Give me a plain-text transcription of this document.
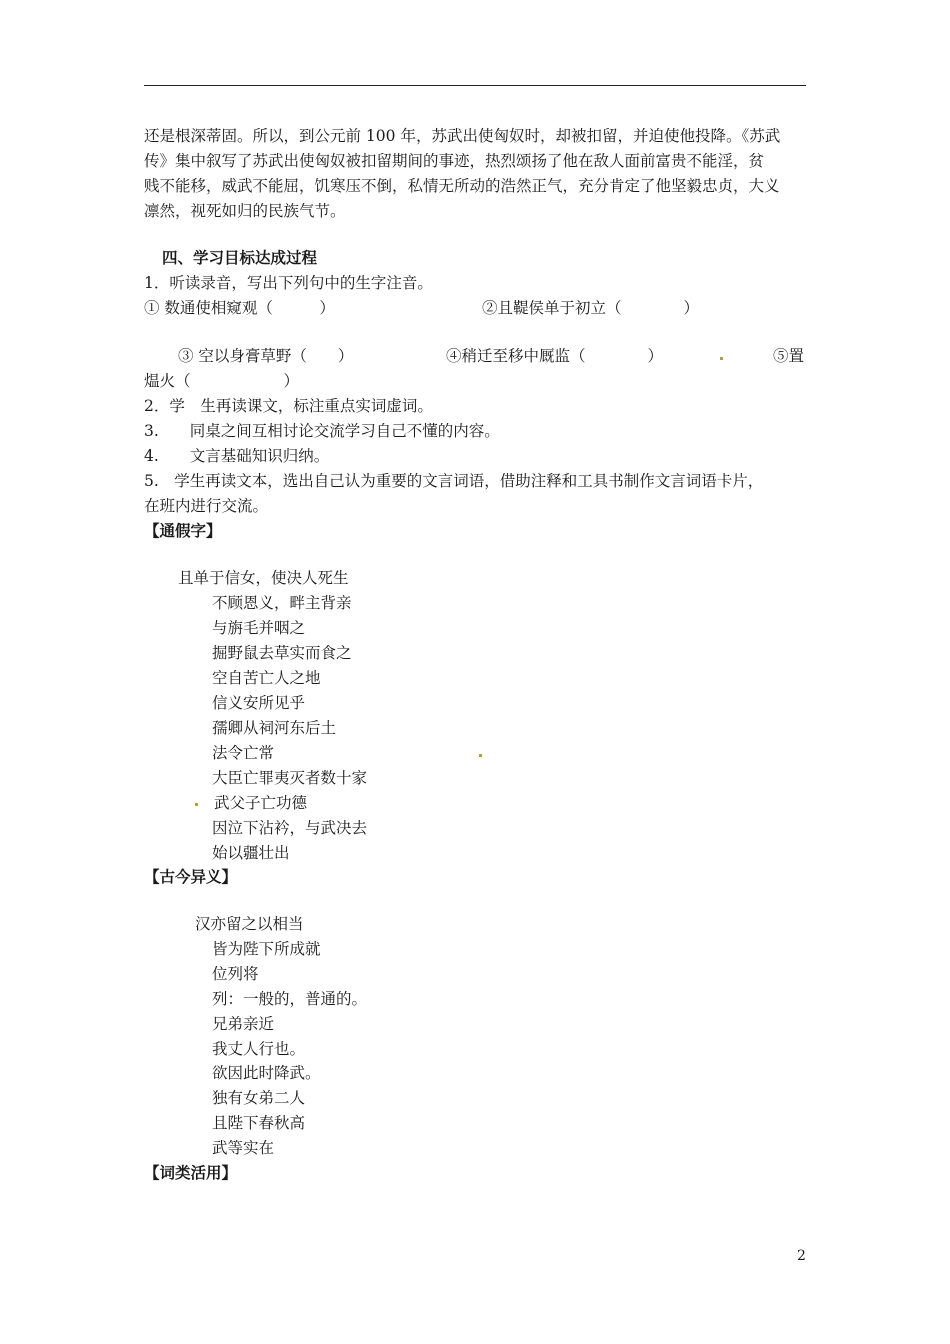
还是根深蒂固。所以，到公元前 100 年，苏武出使匈奴时，却被扣留，并迫使他投降。《苏武
传》集中叙写了苏武出使匈奴被扣留期间的事迹，热烈颂扬了他在敌人面前富贵不能淫，贫
贱不能移，威武不能屈，饥寒压不倒，私情无所动的浩然正气，充分肯定了他坚毅忠贞，大义
凛然，视死如归的民族气节。
四、学习目标达成过程
1．听读录音，写出下列句中的生字注音。
① 数通使相窥观（　　　）	②且鞮侯单于初立（　　　　）
③ 空以身膏草野（　　）	④稍迁至移中厩监（　　　　）	⑤置
煴火（　　　　　　）
2．学　生再读课文，标注重点实词虚词。
3.　　同桌之间互相讨论交流学习自己不懂的内容。
4.　　文言基础知识归纳。
5.　学生再读文本，选出自己认为重要的文言词语，借助注释和工具书制作文言词语卡片，
在班内进行交流。
【通假字】
且单于信女，使决人死生
不顾恩义，畔主背亲
与旃毛并咽之
掘野鼠去草实而食之
空自苦亡人之地
信义安所见乎
孺卿从祠河东后土
法令亡常
大臣亡罪夷灭者数十家
武父子亡功德
因泣下沾衿，与武决去
始以疆壮出
【古今异义】
汉亦留之以相当
皆为陛下所成就
位列将
列：一般的，普通的。
兄弟亲近
我丈人行也。
欲因此时降武。
独有女弟二人
且陛下春秋高
武等实在
【词类活用】
2
